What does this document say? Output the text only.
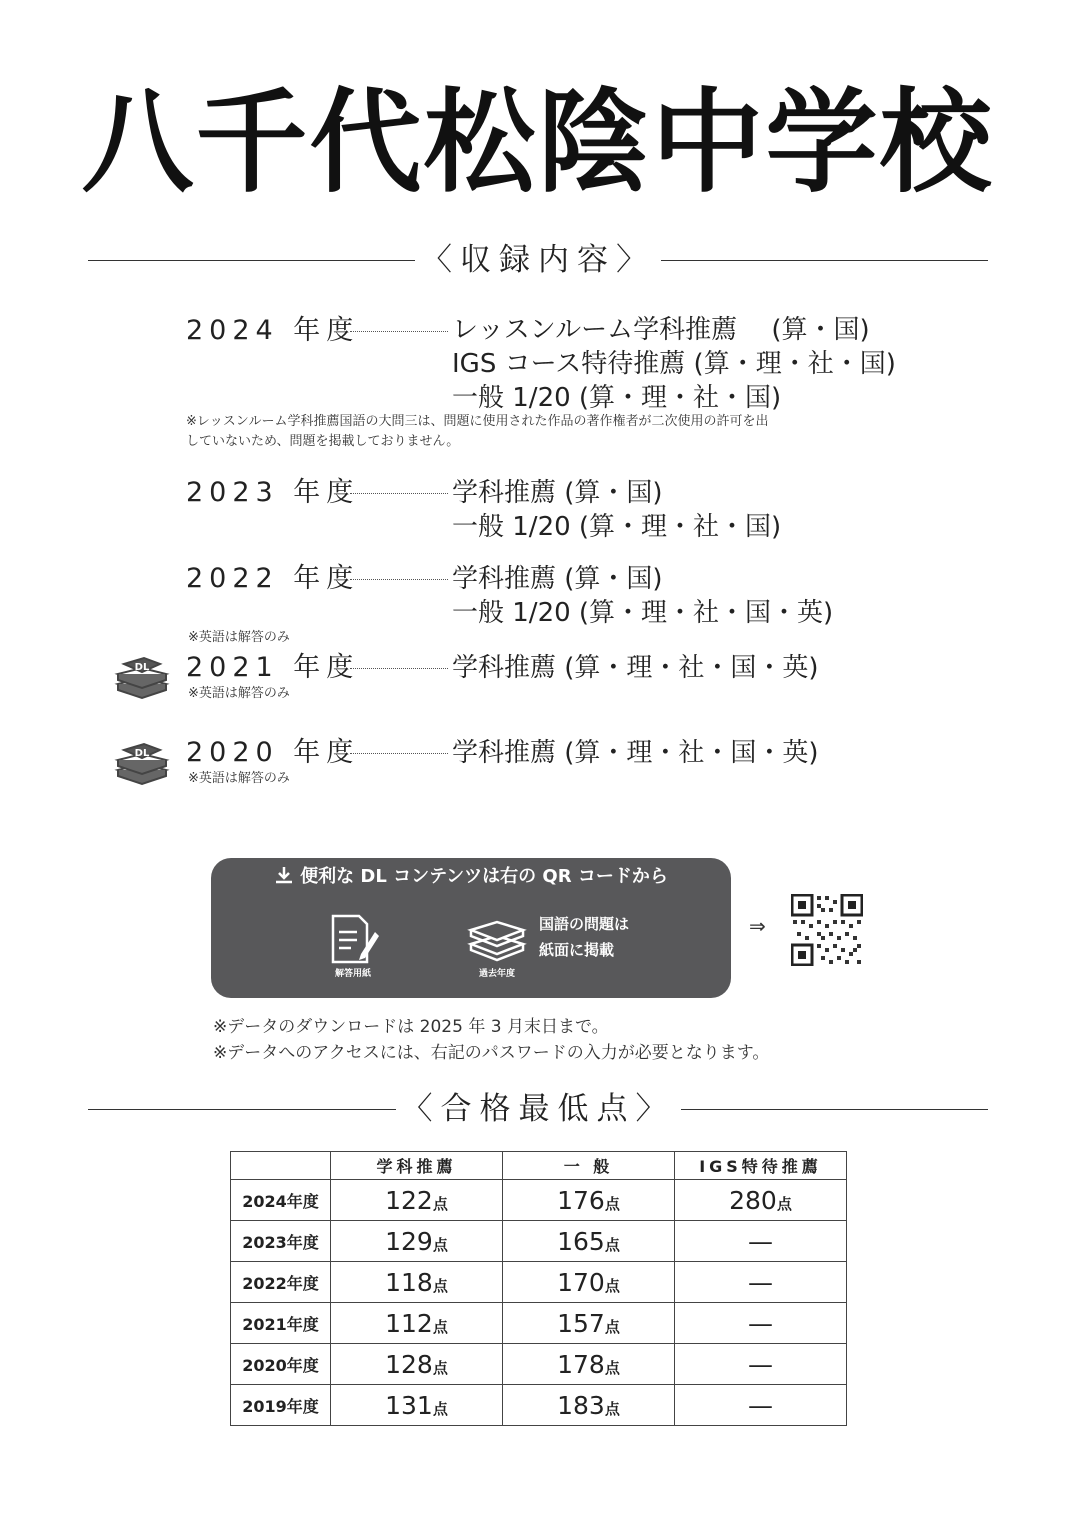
八千代松陰中学校
〈収録内容〉
2024 年度	レッスンルーム学科推薦　 (算・国)
IGS コース特待推薦 (算・理・社・国)
一般 1/20 (算・理・社・国)
※レッスンルーム学科推薦国語の大問三は、問題に使用された作品の著作権者が二次使用の許可を出
していないため、問題を掲載しておりません。
2023 年度	学科推薦 (算・国)
一般 1/20 (算・理・社・国)
2022 年度	学科推薦 (算・国)
一般 1/20 (算・理・社・国・英)
※英語は解答のみ
DL 2021 年度	学科推薦 (算・理・社・国・英)
※英語は解答のみ
DL 2020 年度	学科推薦 (算・理・社・国・英)
※英語は解答のみ
便利な DL コンテンツは右の QR コードから
解答用紙	過去年度
国語の問題は
紙面に掲載
⇒
※データのダウンロードは 2025 年 3 月末日まで。
※データへのアクセスには、右記のパスワードの入力が必要となります。
〈合格最低点〉
	学科推薦	一 般	IGS特待推薦
2024年度	122点	176点	280点
2023年度	129点	165点	—
2022年度	118点	170点	—
2021年度	112点	157点	—
2020年度	128点	178点	—
2019年度	131点	183点	—
